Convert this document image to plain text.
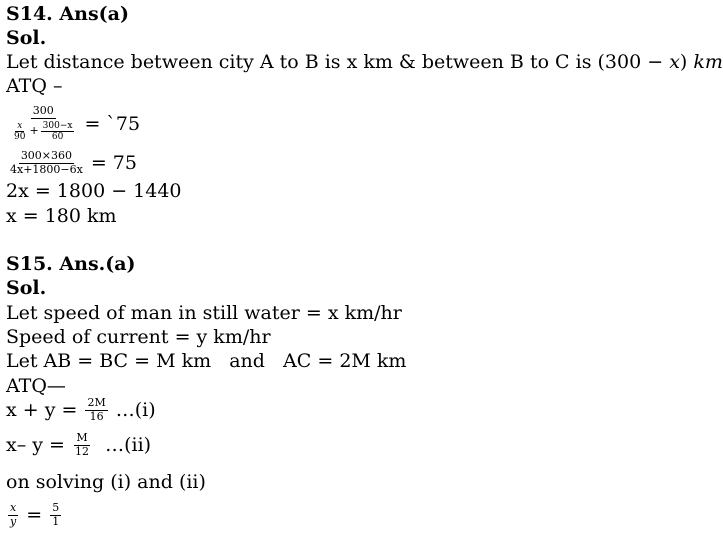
S14. Ans(a)
Sol.
Let distance between city A to B is x km & between B to C is (300 − x) km
ATQ –
300
$\frac{x}{90} + \frac{300-x}{60}$ = `75
$\frac{300\times 360}{4x+1800-6x} = 75$
2x = 1800 − 1440
x = 180 km
S15. Ans.(a)
Sol.
Let speed of man in still water = x km/hr
Speed of current = y km/hr
Let AB = BC = M km   and   AC = 2M km
ATQ—
$x + y = \frac{2M}{16}$ …(i)
x– $y = \frac{M}{12}$ …(ii)
on solving (i) and (ii)
$\frac{x}{y} = \frac{5}{1}$
